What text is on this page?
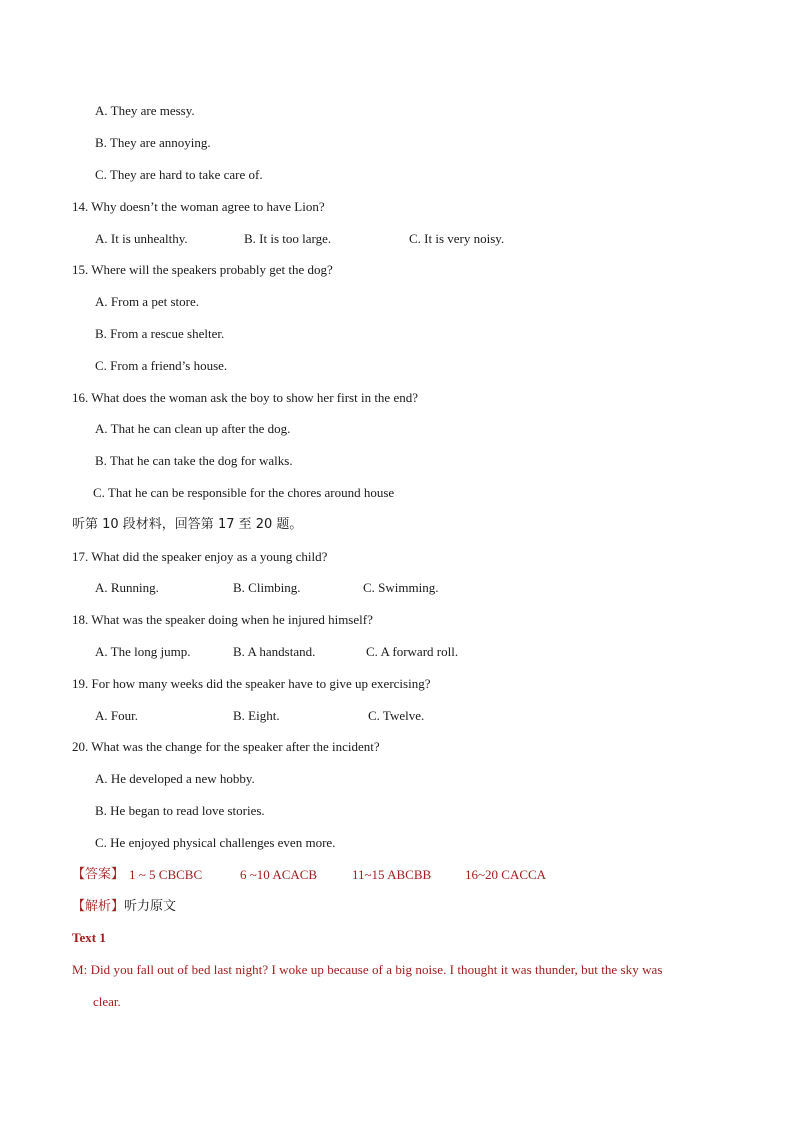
A. They are messy.
B. They are annoying.
C. They are hard to take care of.
14. Why doesn’t the woman agree to have Lion?
A. It is unhealthy.	B. It is too large.	C. It is very noisy.
15. Where will the speakers probably get the dog?
A. From a pet store.
B. From a rescue shelter.
C. From a friend’s house.
16. What does the woman ask the boy to show her first in the end?
A. That he can clean up after the dog.
B. That he can take the dog for walks.
C. That he can be responsible for the chores around house
听第 10 段材料，回答第 17 至 20 题。
17. What did the speaker enjoy as a young child?
A. Running.	B. Climbing.	C. Swimming.
18. What was the speaker doing when he injured himself?
A. The long jump.	B. A handstand.	C. A forward roll.
19. For how many weeks did the speaker have to give up exercising?
A. Four.	B. Eight.	C. Twelve.
20. What was the change for the speaker after the incident?
A. He developed a new hobby.
B. He began to read love stories.
C. He enjoyed physical challenges even more.
【答案】 1 ~ 5 CBCBC	6 ~10 ACACB	11~15 ABCBB	16~20 CACCA
【解析】听力原文
Text 1
M: Did you fall out of bed last night? I woke up because of a big noise. I thought it was thunder, but the sky was
clear.
